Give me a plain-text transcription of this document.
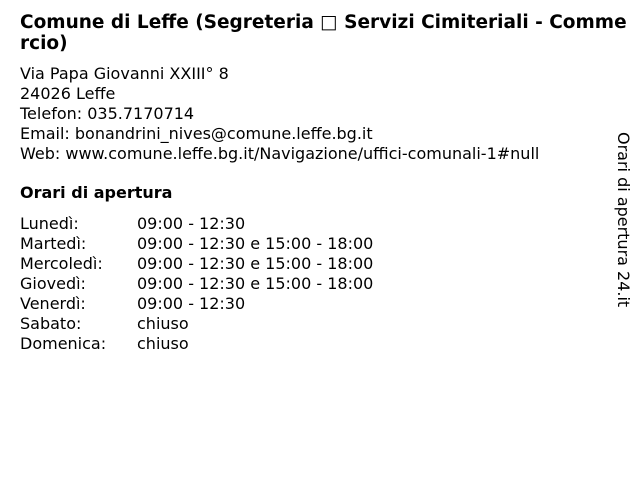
Comune di Leffe (Segreteria □ Servizi Cimiteriali - Commercio)
Via Papa Giovanni XXIII° 8
24026 Leffe
Telefon: 035.7170714
Email: bonandrini_nives@comune.leffe.bg.it
Web: www.comune.leffe.bg.it/Navigazione/uffici-comunali-1#null
Orari di apertura
Lunedì:	09:00 - 12:30
Martedì:	09:00 - 12:30 e 15:00 - 18:00
Mercoledì:	09:00 - 12:30 e 15:00 - 18:00
Giovedì:	09:00 - 12:30 e 15:00 - 18:00
Venerdì:	09:00 - 12:30
Sabato:	chiuso
Domenica:	chiuso
Orari di apertura 24.it
